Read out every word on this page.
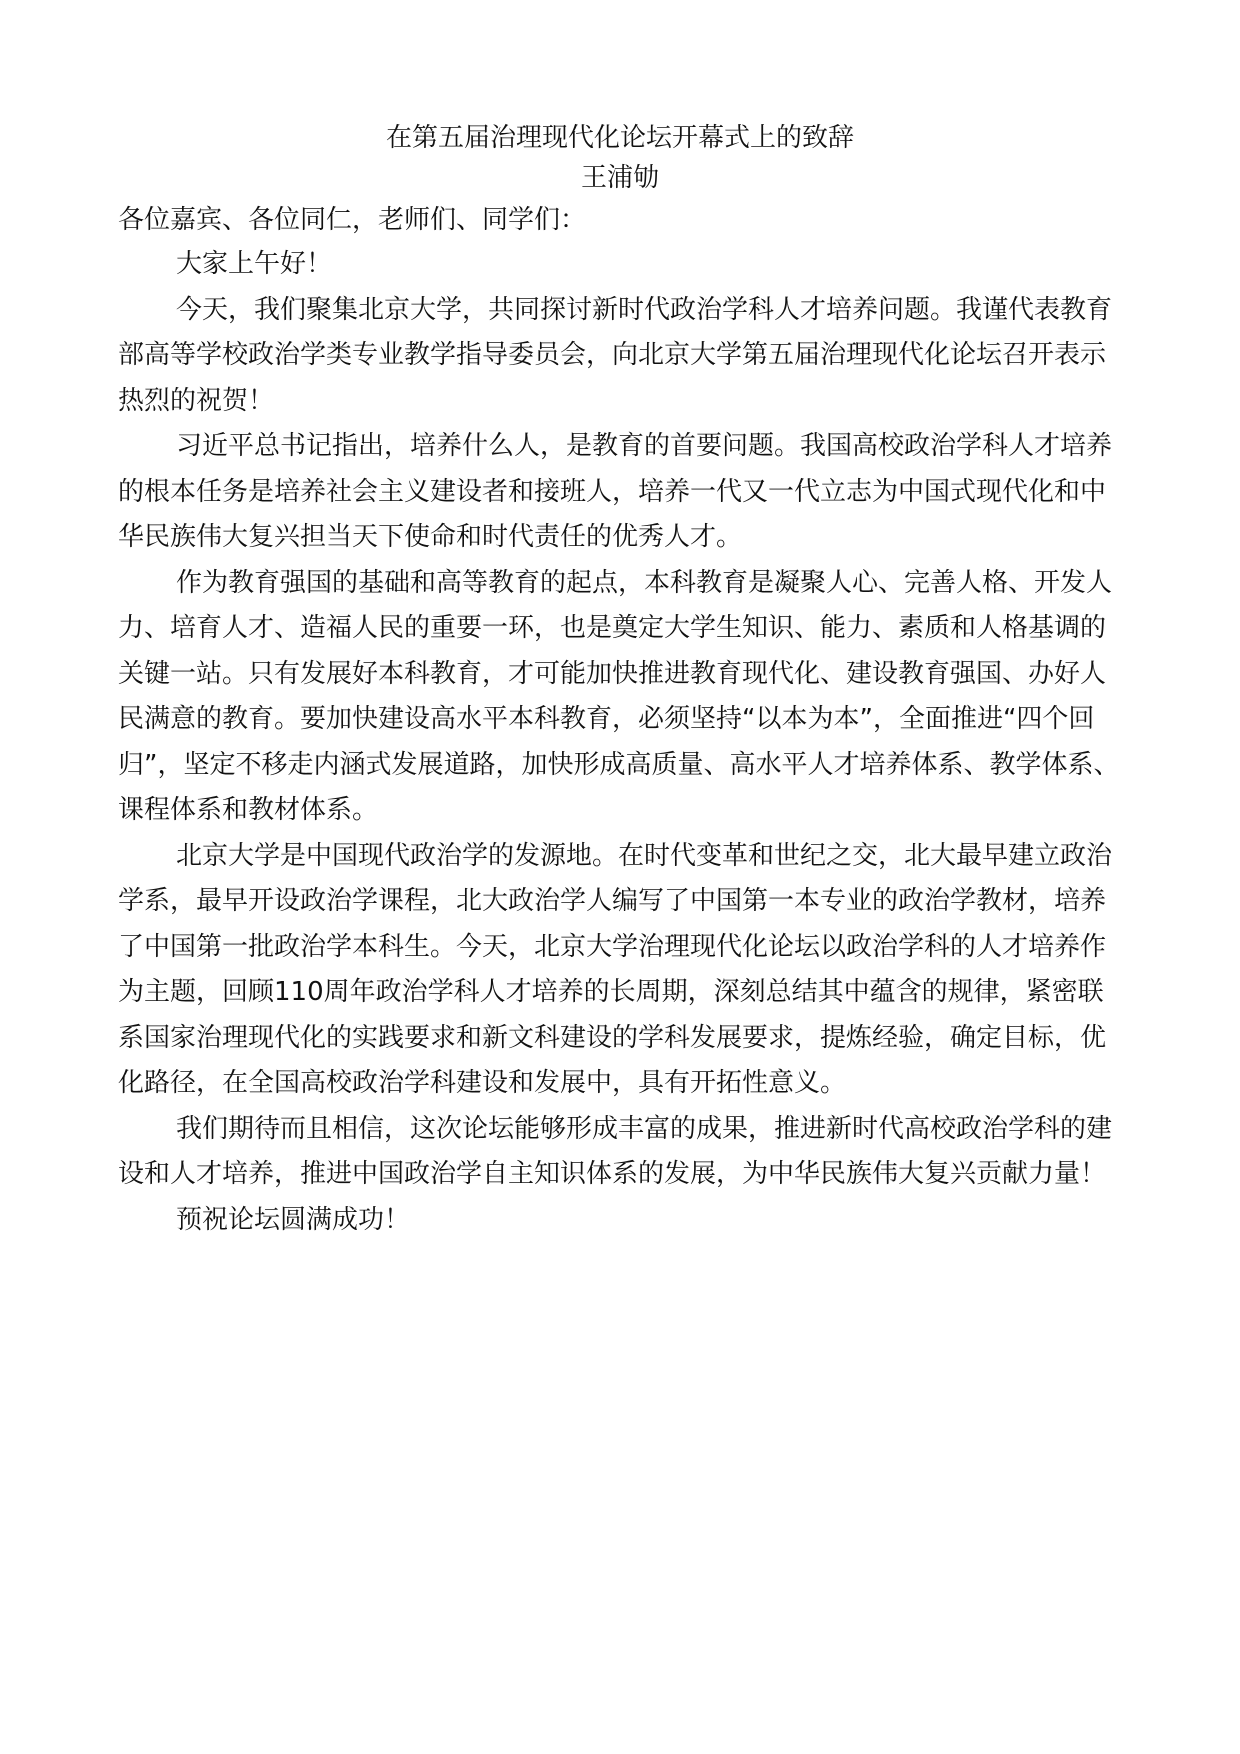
在第五届治理现代化论坛开幕式上的致辞
王浦劬

各位嘉宾、各位同仁，老师们、同学们：

大家上午好！

今天，我们聚集北京大学，共同探讨新时代政治学科人才培养问题。我谨代表教育部高等学校政治学类专业教学指导委员会，向北京大学第五届治理现代化论坛召开表示热烈的祝贺！

习近平总书记指出，培养什么人，是教育的首要问题。我国高校政治学科人才培养的根本任务是培养社会主义建设者和接班人，培养一代又一代立志为中国式现代化和中华民族伟大复兴担当天下使命和时代责任的优秀人才。

作为教育强国的基础和高等教育的起点，本科教育是凝聚人心、完善人格、开发人力、培育人才、造福人民的重要一环，也是奠定大学生知识、能力、素质和人格基调的关键一站。只有发展好本科教育，才可能加快推进教育现代化、建设教育强国、办好人民满意的教育。要加快建设高水平本科教育，必须坚持“以本为本”，全面推进“四个回归”，坚定不移走内涵式发展道路，加快形成高质量、高水平人才培养体系、教学体系、课程体系和教材体系。

北京大学是中国现代政治学的发源地。在时代变革和世纪之交，北大最早建立政治学系，最早开设政治学课程，北大政治学人编写了中国第一本专业的政治学教材，培养了中国第一批政治学本科生。今天，北京大学治理现代化论坛以政治学科的人才培养作为主题，回顾110周年政治学科人才培养的长周期，深刻总结其中蕴含的规律，紧密联系国家治理现代化的实践要求和新文科建设的学科发展要求，提炼经验，确定目标，优化路径，在全国高校政治学科建设和发展中，具有开拓性意义。

我们期待而且相信，这次论坛能够形成丰富的成果，推进新时代高校政治学科的建设和人才培养，推进中国政治学自主知识体系的发展，为中华民族伟大复兴贡献力量！

预祝论坛圆满成功！
